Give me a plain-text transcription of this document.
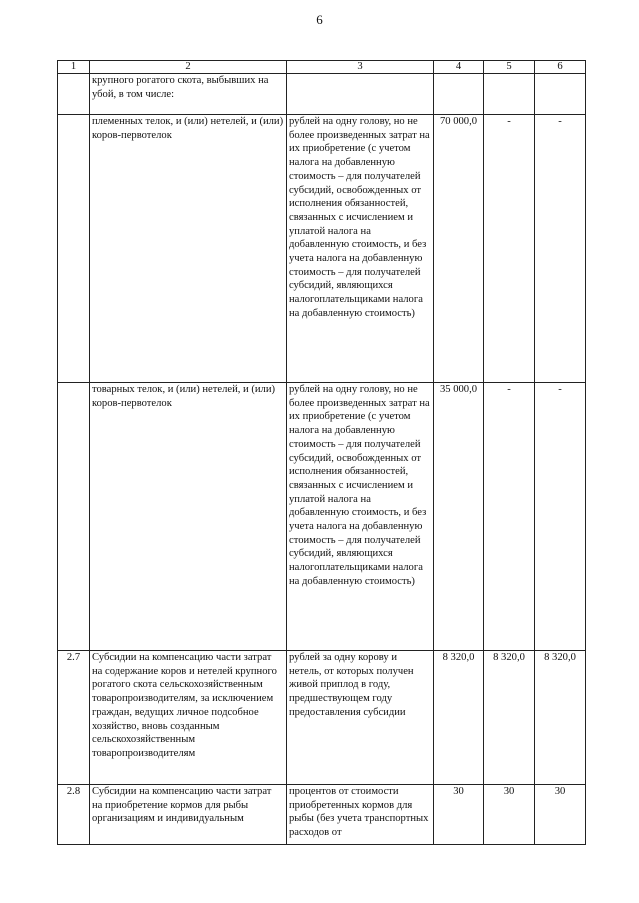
6
1	2	3	4	5	6
	крупного рогатого скота, выбывших на убой, в том числе:				
	племенных телок, и (или) нетелей, и (или) коров-первотелок	рублей на одну голову, но не более произведенных затрат на их приобретение (с учетом налога на добавленную стоимость – для получателей субсидий, освобожденных от исполнения обязанностей, связанных с исчислением и уплатой налога на добавленную стоимость, и без учета налога на добавленную стоимость – для получателей субсидий, являющихся налогоплательщиками налога на добавленную стоимость)	70 000,0	-	-
	товарных телок, и (или) нетелей, и (или) коров-первотелок	рублей на одну голову, но не более произведенных затрат на их приобретение (с учетом налога на добавленную стоимость – для получателей субсидий, освобожденных от исполнения обязанностей, связанных с исчислением и уплатой налога на добавленную стоимость, и без учета налога на добавленную стоимость – для получателей субсидий, являющихся налогоплательщиками налога на добавленную стоимость)	35 000,0	-	-
2.7	Субсидии на компенсацию части затрат на содержание коров и нетелей крупного рогатого скота сельскохозяйственным товаропроизводителям, за исключением граждан, ведущих личное подсобное хозяйство, вновь созданным сельскохозяйственным товаропроизводителям	рублей за одну корову и нетель, от которых получен живой приплод в году, предшествующем году предоставления субсидии	8 320,0	8 320,0	8 320,0
2.8	Субсидии на компенсацию части затрат на приобретение кормов для рыбы организациям и индивидуальным	процентов от стоимости приобретенных кормов для рыбы (без учета транспортных расходов от	30	30	30
